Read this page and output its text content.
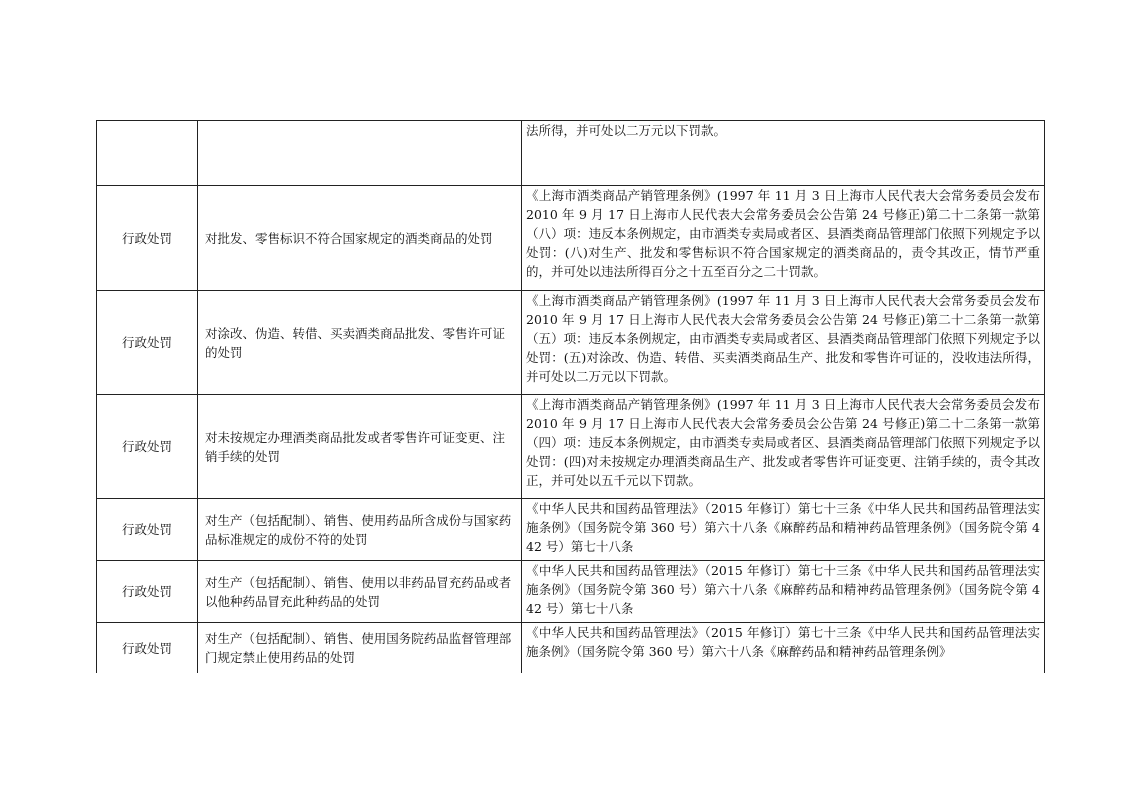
		法所得，并可处以二万元以下罚款。

行政处罚	对批发、零售标识不符合国家规定的酒类商品的处罚	《上海市酒类商品产销管理条例》(1997 年 11 月 3 日上海市人民代表大会常务委员会发布 2010 年 9 月 17 日上海市人民代表大会常务委员会公告第 24 号修正)第二十二条第一款第（八）项：违反本条例规定，由市酒类专卖局或者区、县酒类商品管理部门依照下列规定予以处罚：(八)对生产、批发和零售标识不符合国家规定的酒类商品的，责令其改正，情节严重的，并可处以违法所得百分之十五至百分之二十罚款。

行政处罚	对涂改、伪造、转借、买卖酒类商品批发、零售许可证的处罚	《上海市酒类商品产销管理条例》(1997 年 11 月 3 日上海市人民代表大会常务委员会发布 2010 年 9 月 17 日上海市人民代表大会常务委员会公告第 24 号修正)第二十二条第一款第（五）项：违反本条例规定，由市酒类专卖局或者区、县酒类商品管理部门依照下列规定予以处罚：(五)对涂改、伪造、转借、买卖酒类商品生产、批发和零售许可证的，没收违法所得，并可处以二万元以下罚款。

行政处罚	对未按规定办理酒类商品批发或者零售许可证变更、注销手续的处罚	《上海市酒类商品产销管理条例》(1997 年 11 月 3 日上海市人民代表大会常务委员会发布 2010 年 9 月 17 日上海市人民代表大会常务委员会公告第 24 号修正)第二十二条第一款第（四）项：违反本条例规定，由市酒类专卖局或者区、县酒类商品管理部门依照下列规定予以处罚：(四)对未按规定办理酒类商品生产、批发或者零售许可证变更、注销手续的，责令其改正，并可处以五千元以下罚款。

行政处罚	对生产（包括配制）、销售、使用药品所含成份与国家药品标准规定的成份不符的处罚	《中华人民共和国药品管理法》（2015 年修订）第七十三条《中华人民共和国药品管理法实施条例》（国务院令第 360 号）第六十八条《麻醉药品和精神药品管理条例》（国务院令第 442 号）第七十八条

行政处罚	对生产（包括配制）、销售、使用以非药品冒充药品或者以他种药品冒充此种药品的处罚	《中华人民共和国药品管理法》（2015 年修订）第七十三条《中华人民共和国药品管理法实施条例》（国务院令第 360 号）第六十八条《麻醉药品和精神药品管理条例》（国务院令第 442 号）第七十八条

行政处罚	对生产（包括配制）、销售、使用国务院药品监督管理部门规定禁止使用药品的处罚	《中华人民共和国药品管理法》（2015 年修订）第七十三条《中华人民共和国药品管理法实施条例》（国务院令第 360 号）第六十八条《麻醉药品和精神药品管理条例》
